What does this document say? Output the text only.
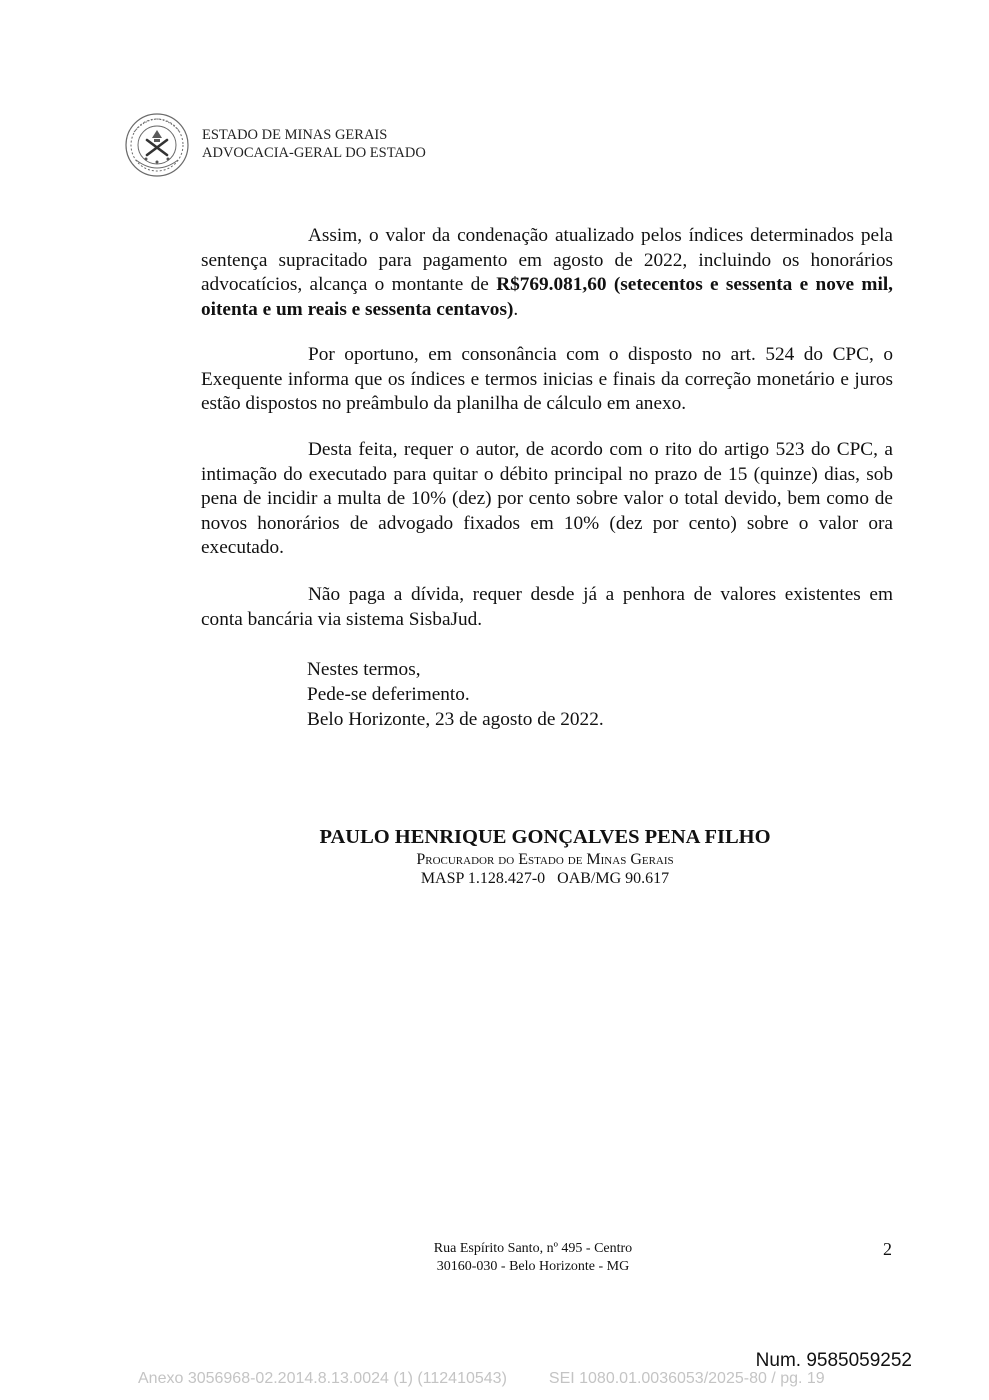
ESTADO DE MINAS GERAIS
ADVOCACIA-GERAL DO ESTADO

Assim, o valor da condenação atualizado pelos índices determinados pela sentença supracitado para pagamento em agosto de 2022, incluindo os honorários advocatícios, alcança o montante de R$769.081,60 (setecentos e sessenta e nove mil, oitenta e um reais e sessenta centavos).

Por oportuno, em consonância com o disposto no art. 524 do CPC, o Exequente informa que os índices e termos inicias e finais da correção monetário e juros estão dispostos no preâmbulo da planilha de cálculo em anexo.

Desta feita, requer o autor, de acordo com o rito do artigo 523 do CPC, a intimação do executado para quitar o débito principal no prazo de 15 (quinze) dias, sob pena de incidir a multa de 10% (dez) por cento sobre valor o total devido, bem como de novos honorários de advogado fixados em 10% (dez por cento) sobre o valor ora executado.

Não paga a dívida, requer desde já a penhora de valores existentes em conta bancária via sistema SisbaJud.

Nestes termos,
Pede-se deferimento.
Belo Horizonte, 23 de agosto de 2022.
PAULO HENRIQUE GONÇALVES PENA FILHO
Procurador do Estado de Minas Gerais
MASP 1.128.427-0 OAB/MG 90.617
Rua Espírito Santo, nº 495 - Centro
30160-030 - Belo Horizonte - MG
2
Num. 9585059252
Anexo 3056968-02.2014.8.13.0024 (1) (112410543)	SEI 1080.01.0036053/2025-80 / pg. 19
